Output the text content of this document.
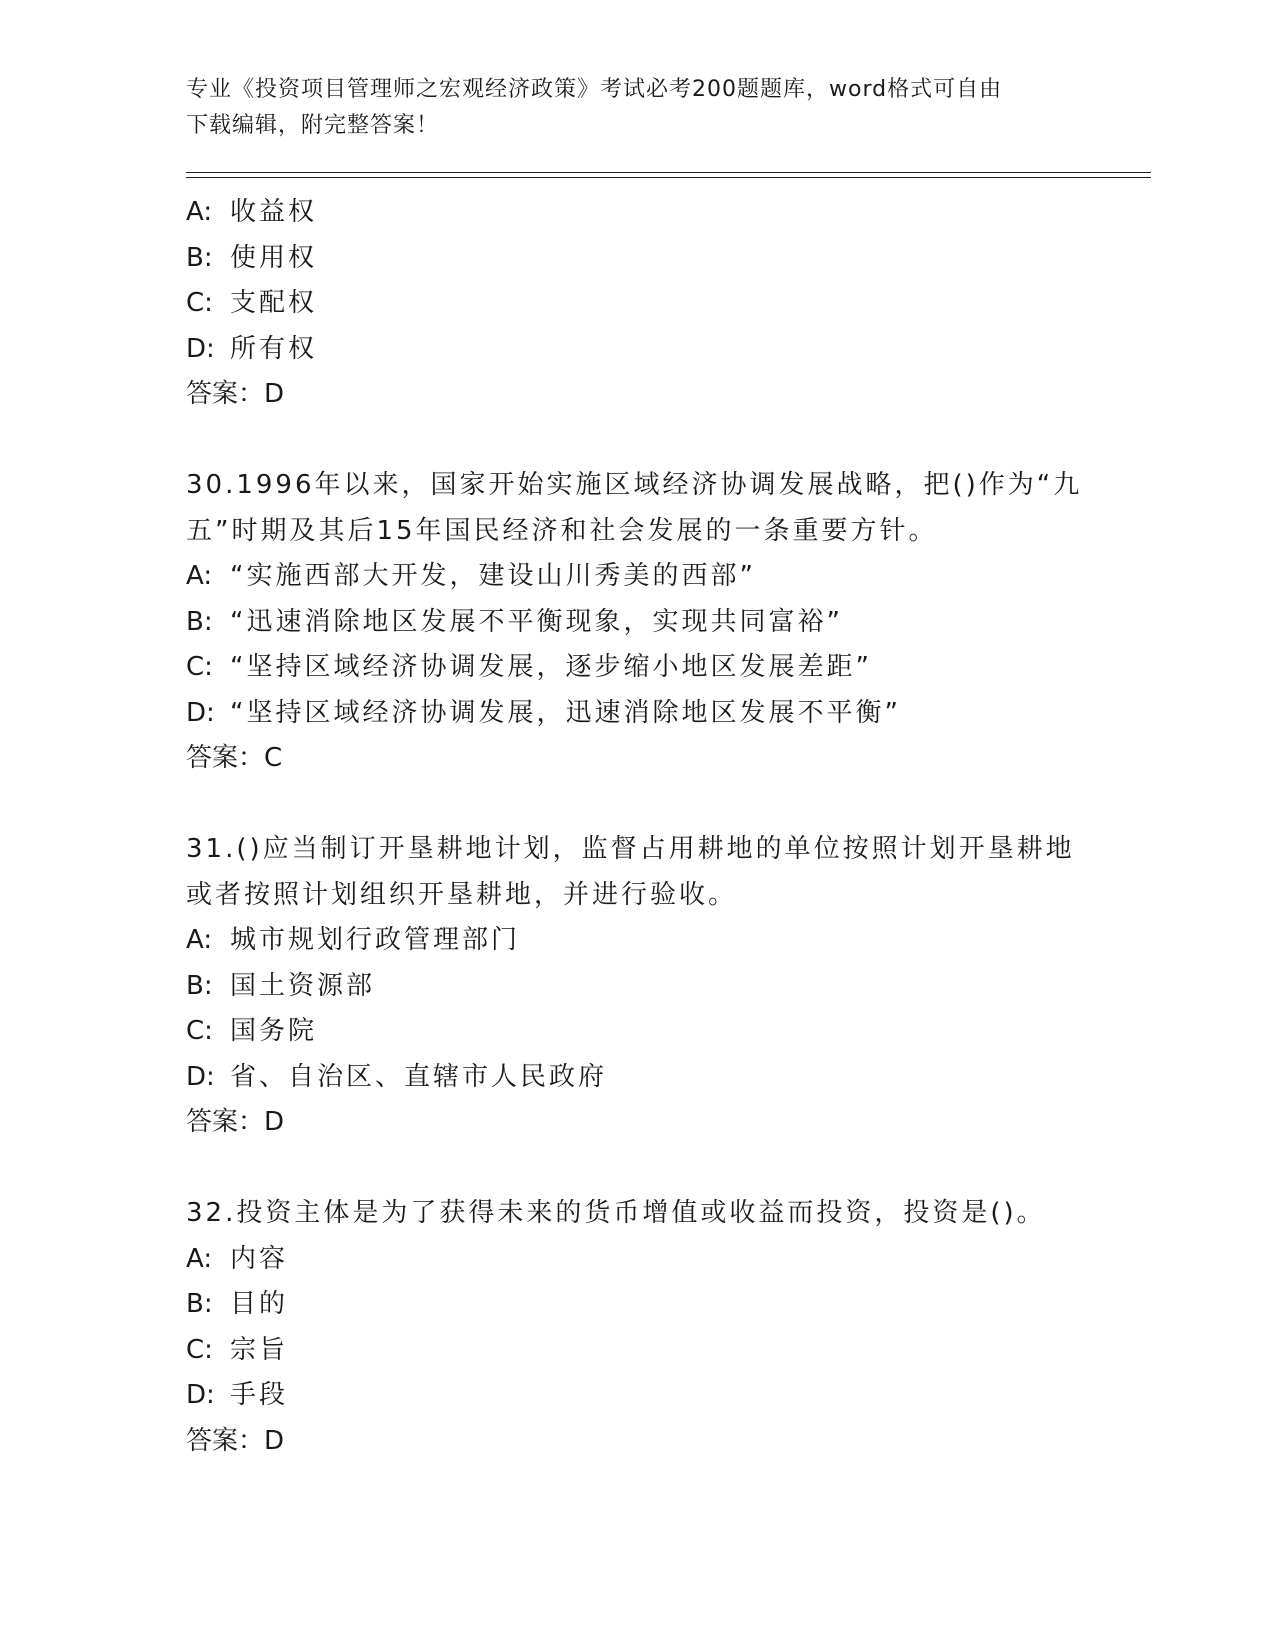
专业《投资项目管理师之宏观经济政策》考试必考200题题库，word格式可自由
下载编辑，附完整答案！
A: 收益权
B: 使用权
C: 支配权
D: 所有权
答案：D
30.1996年以来，国家开始实施区域经济协调发展战略，把()作为“九
五”时期及其后15年国民经济和社会发展的一条重要方针。
A: “实施西部大开发，建设山川秀美的西部”
B: “迅速消除地区发展不平衡现象，实现共同富裕”
C: “坚持区域经济协调发展，逐步缩小地区发展差距”
D: “坚持区域经济协调发展，迅速消除地区发展不平衡”
答案：C
31.()应当制订开垦耕地计划，监督占用耕地的单位按照计划开垦耕地
或者按照计划组织开垦耕地，并进行验收。
A: 城市规划行政管理部门
B: 国土资源部
C: 国务院
D: 省、自治区、直辖市人民政府
答案：D
32.投资主体是为了获得未来的货币增值或收益而投资，投资是()。
A: 内容
B: 目的
C: 宗旨
D: 手段
答案：D
